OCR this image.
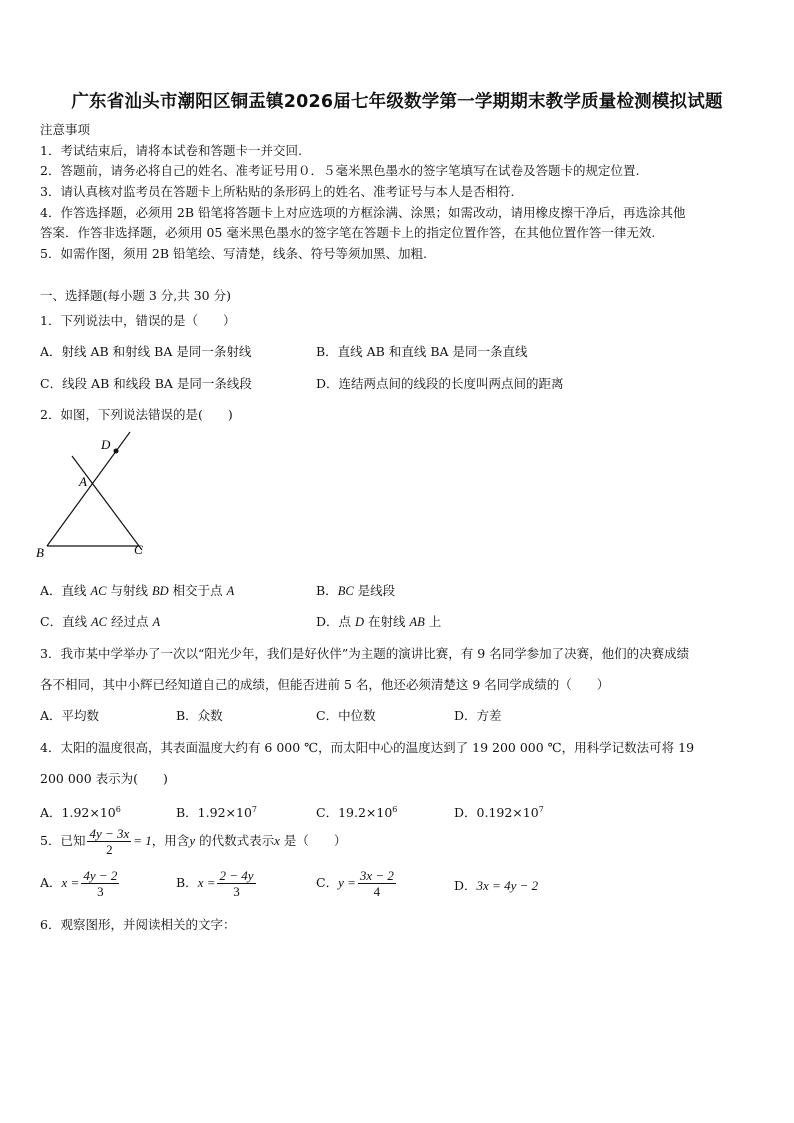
广东省汕头市潮阳区铜盂镇2026届七年级数学第一学期期末教学质量检测模拟试题
注意事项
1．考试结束后，请将本试卷和答题卡一并交回.
2．答题前，请务必将自己的姓名、准考证号用０．５毫米黑色墨水的签字笔填写在试卷及答题卡的规定位置.
3．请认真核对监考员在答题卡上所粘贴的条形码上的姓名、准考证号与本人是否相符.
4．作答选择题，必须用 2B 铅笔将答题卡上对应选项的方框涂满、涂黑；如需改动，请用橡皮擦干净后，再选涂其他
答案．作答非选择题，必须用 05 毫米黑色墨水的签字笔在答题卡上的指定位置作答，在其他位置作答一律无效.
5．如需作图，须用 2B 铅笔绘、写清楚，线条、符号等须加黑、加粗.
一、选择题(每小题 3 分,共 30 分)
1．下列说法中，错误的是（　　）
A．射线 AB 和射线 BA 是同一条射线	B．直线 AB 和直线 BA 是同一条直线
C．线段 AB 和线段 BA 是同一条线段	D．连结两点间的线段的长度叫两点间的距离
2．如图，下列说法错误的是(　　)
D
A
B	C
A．直线 AC 与射线 BD 相交于点 A	B．BC 是线段
C．直线 AC 经过点 A	D．点 D 在射线 AB 上
3．我市某中学举办了一次以“阳光少年，我们是好伙伴”为主题的演讲比赛，有 9 名同学参加了决赛，他们的决赛成绩
各不相同，其中小辉已经知道自己的成绩，但能否进前 5 名，他还必须清楚这 9 名同学成绩的（　　）
A．平均数	B．众数	C．中位数	D．方差
4．太阳的温度很高，其表面温度大约有 6 000 ℃，而太阳中心的温度达到了 19 200 000 ℃，用科学记数法可将 19
200 000 表示为(　　)
A．$1.92\times 10^6$	B．$1.92\times 10^7$	C．$19.2\times 10^6$	D．$0.192\times 10^7$
5．已知 $\frac{4y - 3x}{2} = 1$，用含y 的代数式表示x 是（　　）
A．$x = \frac{4y - 2}{3}$	B．$x = \frac{2 - 4y}{3}$	C．$y = \frac{3x - 2}{4}$	D．3x = 4y − 2
6．观察图形，并阅读相关的文字：
